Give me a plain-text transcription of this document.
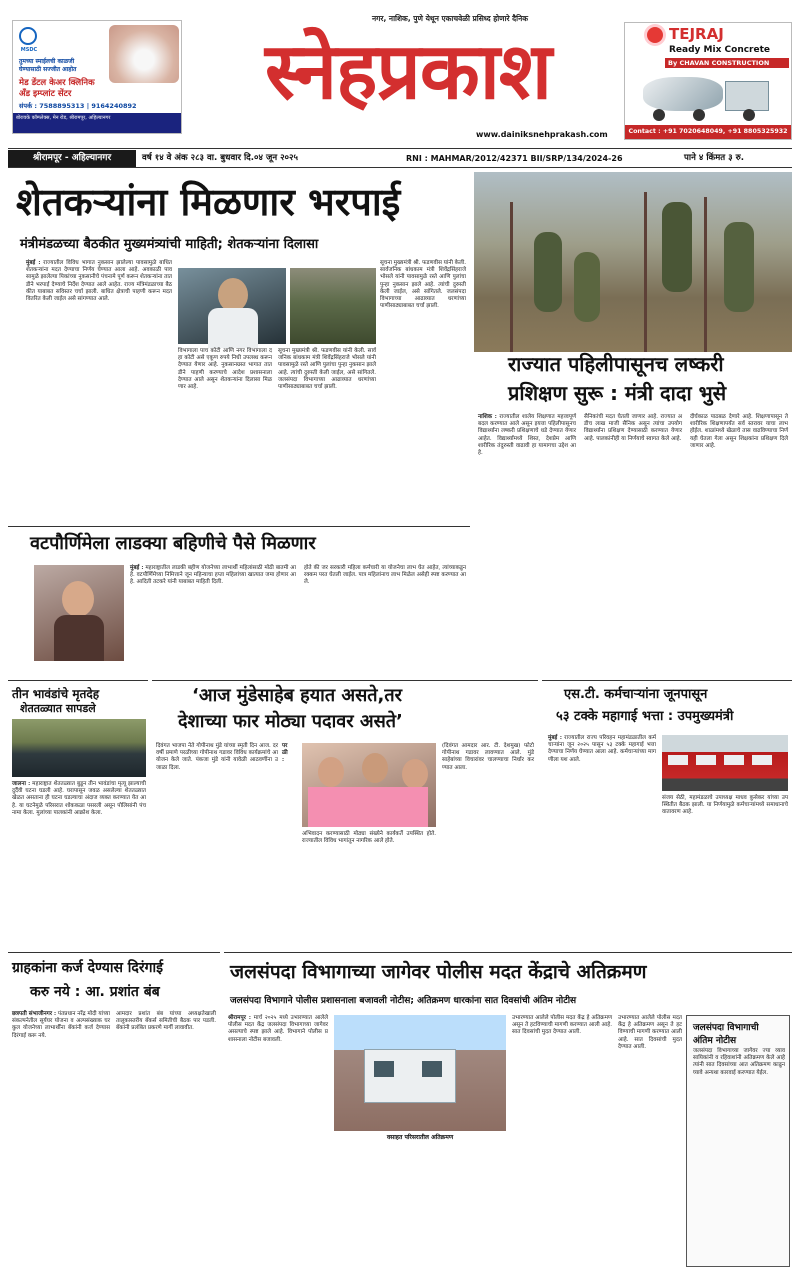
MSDC
तुमच्या स्माईलची काळजी
घेण्यासाठी सज्जीत आहोत
मेड डेंटल केअर क्लिनिक
अँड इम्प्लांट सेंटर
संपर्क : 7588895313 | 9164240892
बोरावके कॉम्प्लेक्स, मेन रोड, श्रीरामपूर, अहिल्यानगर
नगर, नाशिक, पुणे येथून एकाचवेळी प्रसिध्द होणारे दैनिक
स्नेहप्रकाश
www.dainiksnehprakash.com
TEJRAJ
Ready Mix Concrete
By CHAVAN CONSTRUCTION
Contact : +91 7020648049, +91 8805325932
श्रीरामपूर - अहिल्यानगर	वर्ष १४ वे अंक २८३ वा. बुधवार दि.०४ जून २०२५	RNI : MAHMAR/2012/42371 BII/SRP/134/2024-26	पाने ४ किंमत ३ रु.
शेतकऱ्यांना मिळणार भरपाई
मंत्रीमंडळच्या बैठकीत मुख्यमंत्र्यांची माहिती; शेतकऱ्यांना दिलासा
मुंबई : राज्यातील विविध भागात नुकसान झालेल्या पावसामुळे बाधित शेतकऱ्यांना मदत देण्याचा निर्णय घेण्यात आला आहे. अवकाळी पावसामुळे झालेल्या पिकांच्या नुकसानीचे पंचनामे पूर्ण करून शेतकऱ्यांना तातडीने भरपाई देण्याचे निर्देश देण्यात आले आहेत. राज्य मंत्रिमंडळाच्या बैठकीत याबाबत सविस्तर चर्चा झाली. बाधित क्षेत्राची पाहणी करून मदत वितरित केली जाईल असे सांगण्यात आले.
विभागाला पाच कोटी आणि नगर विभागाला दहा कोटी असे एकूण रुपये निधी उपलब्ध करून देण्यात येणार आहे. नुकसानग्रस्त भागात तातडीने पाहणी करण्याचे आदेश प्रशासनाला देण्यात आले असून शेतकऱ्यांना दिलासा मिळणार आहे.
सूचना मुख्यमंत्री श्री. फडणवीस यांनी केली. सार्वजनिक बांधकाम मंत्री शिवेंद्रसिंहराजे भोसले यांनी पावसामुळे रस्ते आणि पुलांचा पुन्हा नुकसान झाले आहे. त्यांची दुरुस्ती केली जाईल, असे सांगितले. जलसंपदा विभागाच्या आढाव्यात धरणांच्या पाणीसाठ्याबाबत चर्चा झाली.
सूचना मुख्यमंत्री श्री. फडणवीस यांनी केली. सार्वजनिक बांधकाम मंत्री शिवेंद्रसिंहराजे भोसले यांनी पावसामुळे रस्ते आणि पुलांचा पुन्हा नुकसान झाले आहे. त्यांची दुरुस्ती केली जाईल, असे सांगितले. जलसंपदा विभागाच्या आढाव्यात धरणांच्या पाणीसाठ्याबाबत चर्चा झाली.
राज्यात पहिलीपासूनच लष्करी प्रशिक्षण सुरू : मंत्री दादा भुसे
नाशिक : राज्यातील शालेय शिक्षणात महत्त्वपूर्ण बदल करण्यात आले असून इयत्ता पहिलीपासूनच विद्यार्थ्यांना लष्करी प्रशिक्षणाचे धडे देण्यात येणार आहेत. विद्यार्थ्यांमध्ये शिस्त, देशप्रेम आणि शारीरिक तंदुरुस्ती वाढावी हा यामागचा उद्देश आहे.
सैनिकांची मदत घेतली जाणार आहे. राज्यात अडीच लाख माजी सैनिक असून त्यांचा उपयोग विद्यार्थ्यांना प्रशिक्षण देण्यासाठी करण्यात येणार आहे. पालकांनीही या निर्णयाचे स्वागत केले आहे.
दीर्घकाळ पाठबळ देणारे आहे. शिक्षणापासून ते शारीरिक शिक्षणापर्यंत सर्व स्तरावर याचा लाभ होईल. शाळांमध्ये खेळाचे तास वाढविण्याचा निर्णयही घेतला गेला असून शिक्षकांना प्रशिक्षण दिले जाणार आहे.
वटपौर्णिमेला लाडक्या बहिणीचे पैसे मिळणार
मुंबई : महाराष्ट्रातील लाडकी बहीण योजनेच्या लाभार्थी महिलांसाठी मोठी बातमी आहे. वटपौर्णिमेच्या निमित्ताने जून महिन्याचा हप्ता महिलांच्या खात्यात जमा होणार आहे. आदिती तटकरे यांनी याबाबत माहिती दिली.
होते की जर सरकारी महिला कर्मचारी या योजनेचा लाभ घेत आहेत, त्यांच्याकडून रक्कम परत घेतली जाईल. पात्र महिलांनाच लाभ मिळेल असेही स्पष्ट करण्यात आले.
तीन भावंडांचे मृतदेह
शेततळ्यात सापडले
जालना : महाराष्ट्रात शेततळ्यात बुडून तीन भावंडांचा मृत्यू झाल्याची दुर्दैवी घटना घडली आहे. घरापासून जवळ असलेल्या शेततळ्यात खेळत असताना ही घटना घडल्याचा अंदाज व्यक्त करण्यात येत आहे. या घटनेमुळे परिसरात शोककळा पसरली असून पोलिसांनी पंचनामा केला. मुलांच्या पालकांनी आक्रोश केला.
‘आज मुंडेसाहेब हयात असते,तर
देशाच्या फार मोठ्या पदावर असते’
दिवंगत भाजपा नेते गोपीनाथ मुंडे यांच्या स्मृती दिन आज. दरवर्षी प्रमाणे परळीच्या गोपीनाथ गडावर विविध कार्यक्रमांचे आयोजन केले जाते. पंकजा मुंडे यांनी यावेळी आठवणींना उजाळा दिला.
परळी :
अभिवादन करण्यासाठी मोठ्या संख्येने कार्यकर्ते उपस्थित होते. राज्यातील विविध भागांतून नागरिक आले होते.
(दिवंगत आमदार आर. टी. देशमुख) फोटो गोपीनाथ गडावर लावण्यात आले. मुंडे साहेबांच्या विचारांवर चालण्याचा निर्धार करण्यात आला.
एस.टी. कर्मचाऱ्यांना जूनपासून
५३ टक्के महागाई भत्ता : उपमुख्यमंत्री
मुंबई : राज्यातील राज्य परिवहन महामंडळातील कर्मचाऱ्यांना जून २०२५ पासून ५३ टक्के महागाई भत्ता देण्याचा निर्णय घेण्यात आला आहे. कर्मचाऱ्यांच्या मागणीला यश आले.
संजय सेठी, महामंडळाचे उपाध्यक्ष माधव कुसेकर यांच्या उपस्थितीत बैठक झाली. या निर्णयामुळे कर्मचाऱ्यांमध्ये समाधानाचे वातावरण आहे.
ग्राहकांना कर्ज देण्यास दिरंगाई
करु नये : आ. प्रशांत बंब
छत्रपती संभाजीनगर : पंतप्रधान नरेंद्र मोदी यांच्या संकल्पनेतील सूर्यघर योजना व अल्पसंख्याक घरकुल योजनेच्या लाभार्थींना बँकांनी कर्ज देण्यास दिरंगाई करू नये.
आमदार प्रशांत बंब यांच्या अध्यक्षतेखाली तालुकास्तरीय बँकर्स समितीची बैठक पार पडली. बँकांनी प्रलंबित प्रकरणे मार्गी लावावीत.
जलसंपदा विभागाच्या जागेवर पोलीस मदत केंद्राचे अतिक्रमण
जलसंपदा विभागाने पोलीस प्रशासनाला बजावली नोटीस; अतिक्रमण धारकांना सात दिवसांची अंतिम नोटीस
श्रीरामपूर : मार्च २०२५ मध्ये उभारण्यात आलेले पोलीस मदत केंद्र जलसंपदा विभागाच्या जागेवर असल्याचे स्पष्ट झाले आहे. विभागाने पोलीस प्रशासनाला नोटीस बजावली.
वसाहत परिसरातील अतिक्रमण
उभारण्यात आलेले पोलीस मदत केंद्र हे अतिक्रमण असून ते हटविण्याची मागणी करण्यात आली आहे. सात दिवसांची मुदत देण्यात आली.
उभारण्यात आलेले पोलीस मदत केंद्र हे अतिक्रमण असून ते हटविण्याची मागणी करण्यात आली आहे. सात दिवसांची मुदत देण्यात आली.
जलसंपदा विभागाची
अंतिम नोटीस
जलसंपदा विभागाच्या जागेवर ज्या व्यावसायिकांनी व रहिवाशांनी अतिक्रमण केले आहे त्यांनी सात दिवसांच्या आत अतिक्रमण काढून घ्यावे अन्यथा कारवाई करण्यात येईल.
